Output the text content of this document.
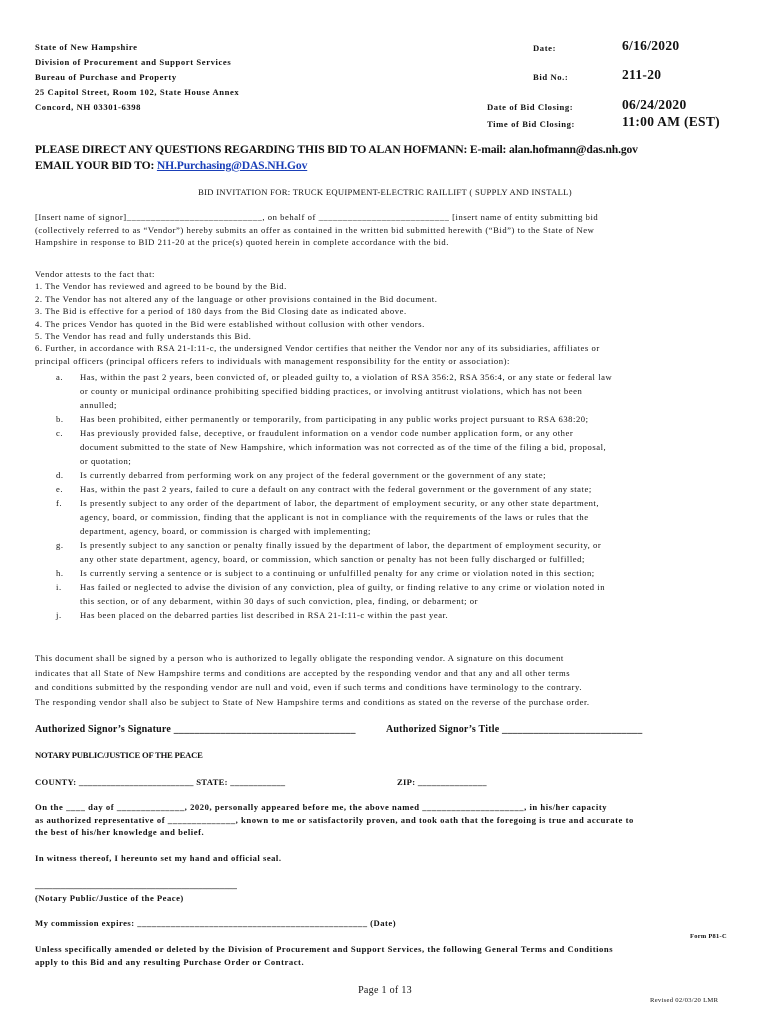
State of New Hampshire
Division of Procurement and Support Services
Bureau of Purchase and Property
25 Capitol Street, Room 102, State House Annex
Concord, NH 03301-6398
Date:	6/16/2020
Bid No.:	211-20
Date of Bid Closing:	06/24/2020
Time of Bid Closing:	11:00 AM (EST)
PLEASE DIRECT ANY QUESTIONS REGARDING THIS BID TO ALAN HOFMANN: E-mail: alan.hofmann@das.nh.gov
EMAIL YOUR BID TO: NH.Purchasing@DAS.NH.Gov
BID INVITATION FOR: TRUCK EQUIPMENT-ELECTRIC RAILLIFT ( SUPPLY AND INSTALL)
[Insert name of signor]____________________________, on behalf of ___________________________ [insert name of entity submitting bid
(collectively referred to as “Vendor”) hereby submits an offer as contained in the written bid submitted herewith (“Bid”) to the State of New
Hampshire in response to BID 211-20 at the price(s) quoted herein in complete accordance with the bid.
Vendor attests to the fact that:
1. The Vendor has reviewed and agreed to be bound by the Bid.
2. The Vendor has not altered any of the language or other provisions contained in the Bid document.
3. The Bid is effective for a period of 180 days from the Bid Closing date as indicated above.
4. The prices Vendor has quoted in the Bid were established without collusion with other vendors.
5. The Vendor has read and fully understands this Bid.
6. Further, in accordance with RSA 21-I:11-c, the undersigned Vendor certifies that neither the Vendor nor any of its subsidiaries, affiliates or
principal officers (principal officers refers to individuals with management responsibility for the entity or association):
a.	Has, within the past 2 years, been convicted of, or pleaded guilty to, a violation of RSA 356:2, RSA 356:4, or any state or federal law
or county or municipal ordinance prohibiting specified bidding practices, or involving antitrust violations, which has not been
annulled;
b.	Has been prohibited, either permanently or temporarily, from participating in any public works project pursuant to RSA 638:20;
c.	Has previously provided false, deceptive, or fraudulent information on a vendor code number application form, or any other
document submitted to the state of New Hampshire, which information was not corrected as of the time of the filing a bid, proposal,
or quotation;
d.	Is currently debarred from performing work on any project of the federal government or the government of any state;
e.	Has, within the past 2 years, failed to cure a default on any contract with the federal government or the government of any state;
f.	Is presently subject to any order of the department of labor, the department of employment security, or any other state department,
agency, board, or commission, finding that the applicant is not in compliance with the requirements of the laws or rules that the
department, agency, board, or commission is charged with implementing;
g.	Is presently subject to any sanction or penalty finally issued by the department of labor, the department of employment security, or
any other state department, agency, board, or commission, which sanction or penalty has not been fully discharged or fulfilled;
h.	Is currently serving a sentence or is subject to a continuing or unfulfilled penalty for any crime or violation noted in this section;
i.	Has failed or neglected to advise the division of any conviction, plea of guilty, or finding relative to any crime or violation noted in
this section, or of any debarment, within 30 days of such conviction, plea, finding, or debarment; or
j.	Has been placed on the debarred parties list described in RSA 21-I:11-c within the past year.
This document shall be signed by a person who is authorized to legally obligate the responding vendor. A signature on this document
indicates that all State of New Hampshire terms and conditions are accepted by the responding vendor and that any and all other terms
and conditions submitted by the responding vendor are null and void, even if such terms and conditions have terminology to the contrary.
The responding vendor shall also be subject to State of New Hampshire terms and conditions as stated on the reverse of the purchase order.
Authorized Signor’s Signature ___________________________________	Authorized Signor’s Title ___________________________
NOTARY PUBLIC/JUSTICE OF THE PEACE
COUNTY: _________________________ STATE: ____________	ZIP: _______________
On the ____ day of ______________, 2020, personally appeared before me, the above named _____________________, in his/her capacity
as authorized representative of ______________, known to me or satisfactorily proven, and took oath that the foregoing is true and accurate to
the best of his/her knowledge and belief.
In witness thereof, I hereunto set my hand and official seal.
_______________________________________________
(Notary Public/Justice of the Peace)
My commission expires: ________________________________________________ (Date)
Form P81-C
Unless specifically amended or deleted by the Division of Procurement and Support Services, the following General Terms and Conditions
apply to this Bid and any resulting Purchase Order or Contract.
Page 1 of 13
Revised 02/03/20 LMR
